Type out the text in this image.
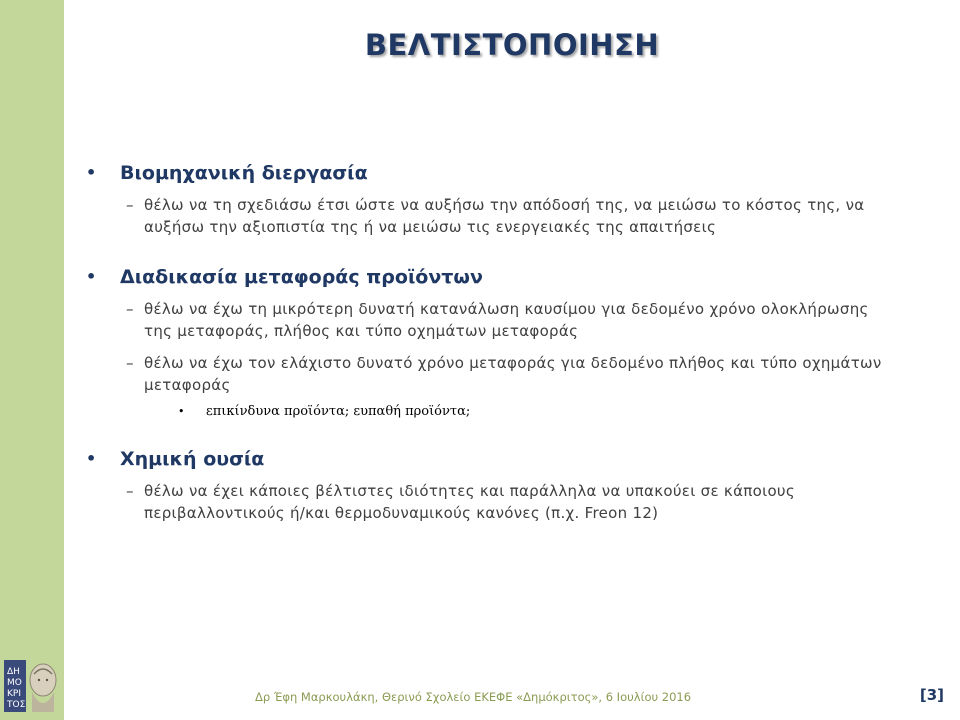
ΔΗ
ΜΟ
ΚΡΙ
ΤΟΣ
ΒΕΛΤΙΣΤΟΠΟΙΗΣΗ
• Βιομηχανική διεργασία
– θέλω να τη σχεδιάσω έτσι ώστε να αυξήσω την απόδοσή της, να μειώσω το κόστος της, να αυξήσω την αξιοπιστία της ή να μειώσω τις ενεργειακές της απαιτήσεις
• Διαδικασία μεταφοράς προϊόντων
– θέλω να έχω τη μικρότερη δυνατή κατανάλωση καυσίμου για δεδομένο χρόνο ολοκλήρωσης της μεταφοράς, πλήθος και τύπο οχημάτων μεταφοράς
– θέλω να έχω τον ελάχιστο δυνατό χρόνο μεταφοράς για δεδομένο πλήθος και τύπο οχημάτων μεταφοράς
• επικίνδυνα προϊόντα; ευπαθή προϊόντα;
• Χημική ουσία
– θέλω να έχει κάποιες βέλτιστες ιδιότητες και παράλληλα να υπακούει σε κάποιους περιβαλλοντικούς ή/και θερμοδυναμικούς κανόνες (π.χ. Freon 12)
Δρ Έφη Μαρκουλάκη, Θερινό Σχολείο ΕΚΕΦΕ «Δημόκριτος», 6 Ιουλίου 2016	[3]
